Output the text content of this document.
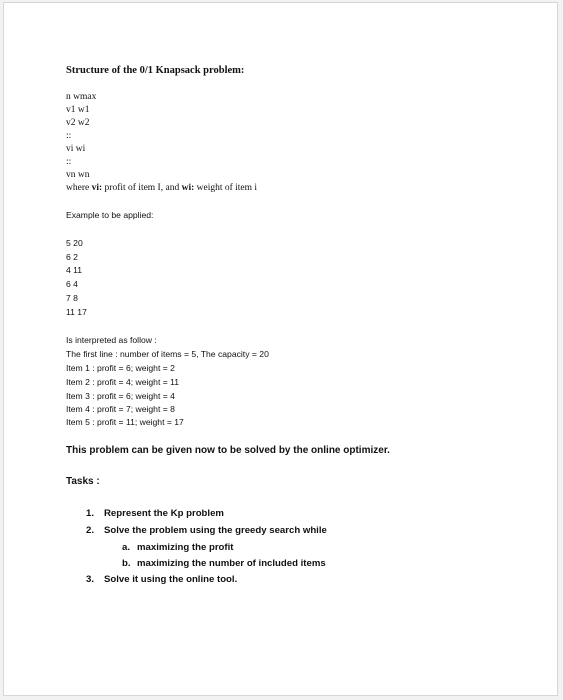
Structure of the 0/1 Knapsack problem:
n wmax
v1 w1
v2 w2
::
vi wi
::
vn wn
where vi: profit of item I, and wi: weight of item i
Example to be applied:
5 20
6 2
4 11
6 4
7 8
11 17
Is interpreted as follow :
The first line : number of items = 5, The capacity = 20
Item 1 : profit = 6; weight = 2
Item 2 : profit = 4; weight = 11
Item 3 : profit = 6; weight = 4
Item 4 : profit = 7; weight = 8
Item 5 : profit = 11; weight = 17
This problem can be given now to be solved by the online optimizer.
Tasks :
1. Represent the Kp problem
2. Solve the problem using the greedy search while
a. maximizing the profit
b. maximizing the number of included items
3. Solve it using the online tool.
